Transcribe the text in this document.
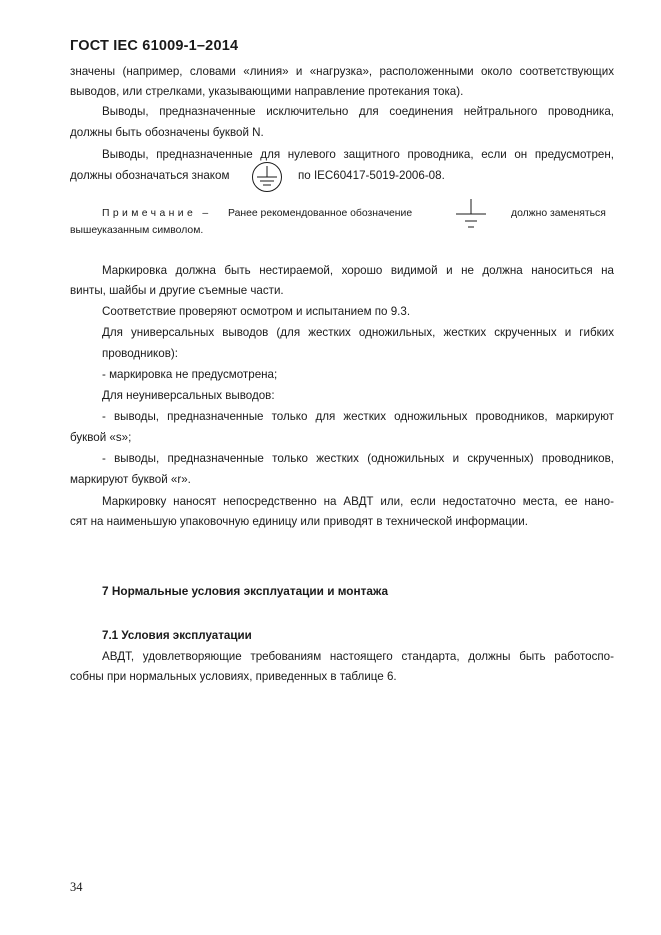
ГОСТ IEC 61009-1–2014
значены (например, словами «линия» и «нагрузка», расположенными около соответствующих
выводов, или стрелками, указывающими направление протекания тока).
Выводы, предназначенные исключительно для соединения нейтрального проводника,
должны быть обозначены буквой N.
Выводы, предназначенные для нулевого защитного проводника, если он предусмотрен,
должны обозначаться знаком	по IEC60417-5019-2006-08.
Примечание – Ранее рекомендованное обозначение	должно заменяться
вышеуказанным символом.
Маркировка должна быть нестираемой, хорошо видимой и не должна наноситься на
винты, шайбы и другие съемные части.
Соответствие проверяют осмотром и испытанием по 9.3.
Для универсальных выводов (для жестких одножильных, жестких скрученных и гибких
проводников):
- маркировка не предусмотрена;
Для неуниверсальных выводов:
- выводы, предназначенные только для жестких одножильных проводников, маркируют
буквой «s»;
- выводы, предназначенные только жестких (одножильных и скрученных) проводников,
маркируют буквой «r».
Маркировку наносят непосредственно на АВДТ или, если недостаточно места, ее нано-
сят на наименьшую упаковочную единицу или приводят в технической информации.
7 Нормальные условия эксплуатации и монтажа
7.1 Условия эксплуатации
АВДТ, удовлетворяющие требованиям настоящего стандарта, должны быть работоспо-
собны при нормальных условиях, приведенных в таблице 6.
34
